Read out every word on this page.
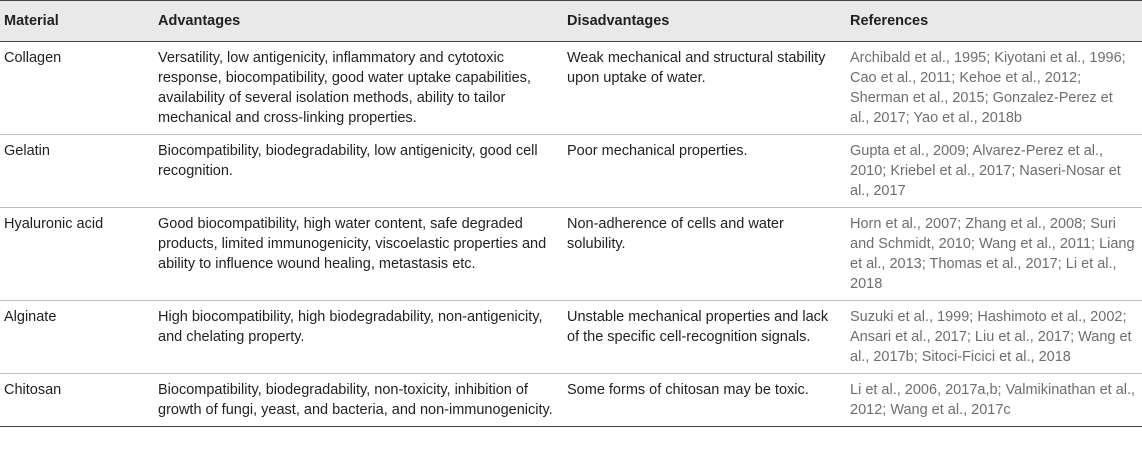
Material	Advantages	Disadvantages	References
Collagen	Versatility, low antigenicity, inflammatory and cytotoxic response, biocompatibility, good water uptake capabilities, availability of several isolation methods, ability to tailor mechanical and cross-linking properties.	Weak mechanical and structural stability upon uptake of water.	Archibald et al., 1995; Kiyotani et al., 1996; Cao et al., 2011; Kehoe et al., 2012; Sherman et al., 2015; Gonzalez-Perez et al., 2017; Yao et al., 2018b
Gelatin	Biocompatibility, biodegradability, low antigenicity, good cell recognition.	Poor mechanical properties.	Gupta et al., 2009; Alvarez-Perez et al., 2010; Kriebel et al., 2017; Naseri-Nosar et al., 2017
Hyaluronic acid	Good biocompatibility, high water content, safe degraded products, limited immunogenicity, viscoelastic properties and ability to influence wound healing, metastasis etc.	Non-adherence of cells and water solubility.	Horn et al., 2007; Zhang et al., 2008; Suri and Schmidt, 2010; Wang et al., 2011; Liang et al., 2013; Thomas et al., 2017; Li et al., 2018
Alginate	High biocompatibility, high biodegradability, non-antigenicity, and chelating property.	Unstable mechanical properties and lack of the specific cell-recognition signals.	Suzuki et al., 1999; Hashimoto et al., 2002; Ansari et al., 2017; Liu et al., 2017; Wang et al., 2017b; Sitoci-Ficici et al., 2018
Chitosan	Biocompatibility, biodegradability, non-toxicity, inhibition of growth of fungi, yeast, and bacteria, and non-immunogenicity.	Some forms of chitosan may be toxic.	Li et al., 2006, 2017a,b; Valmikinathan et al., 2012; Wang et al., 2017c
